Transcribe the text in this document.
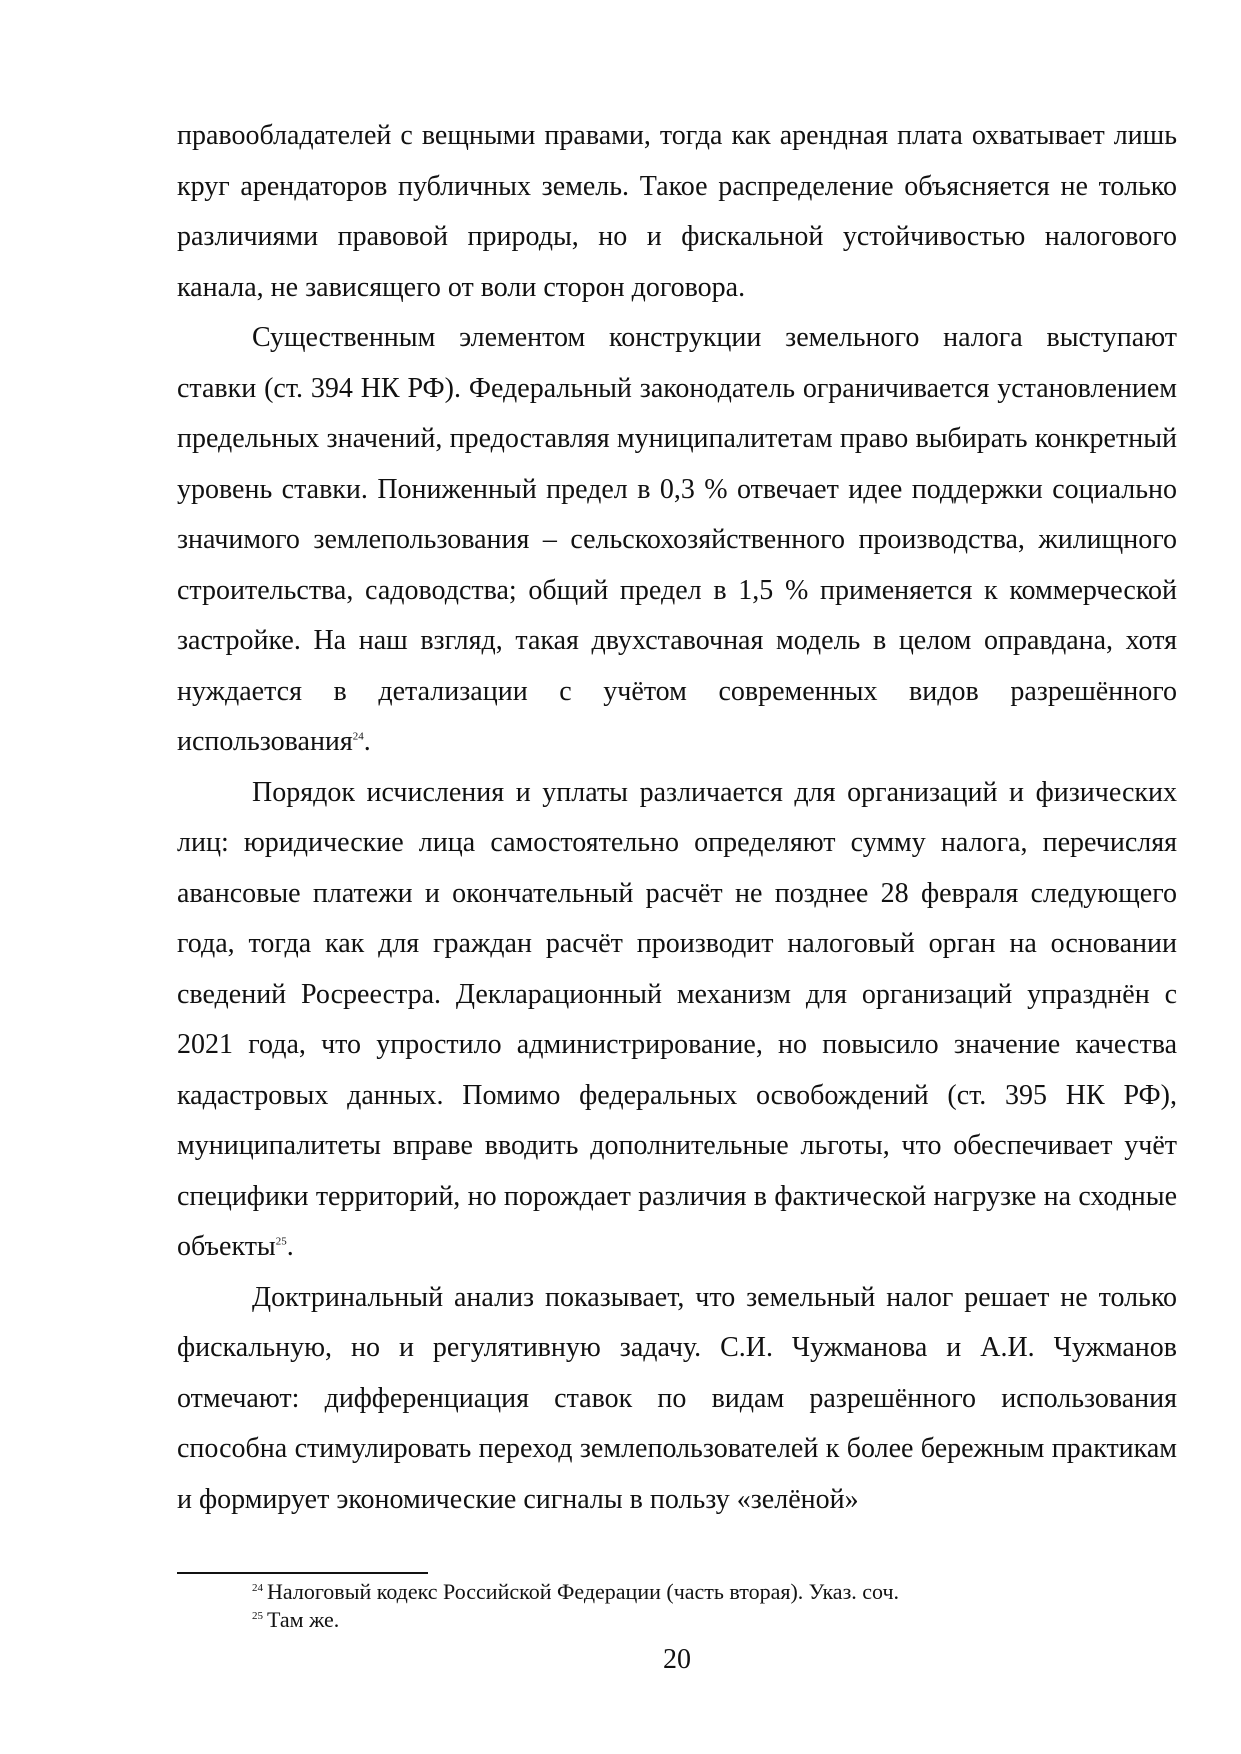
правообладателей с вещными правами, тогда как арендная плата охватывает лишь круг арендаторов публичных земель. Такое распределение объясняется не только различиями правовой природы, но и фискальной устойчивостью налогового канала, не зависящего от воли сторон договора.

Существенным элементом конструкции земельного налога выступают ставки (ст. 394 НК РФ). Федеральный законодатель ограничивается установлением предельных значений, предоставляя муниципалитетам право выбирать конкретный уровень ставки. Пониженный предел в 0,3 % отвечает идее поддержки социально значимого землепользования – сельскохозяйственного производства, жилищного строительства, садоводства; общий предел в 1,5 % применяется к коммерческой застройке. На наш взгляд, такая двухставочная модель в целом оправдана, хотя нуждается в детализации с учётом современных видов разрешённого использования$^{24}$.

Порядок исчисления и уплаты различается для организаций и физических лиц: юридические лица самостоятельно определяют сумму налога, перечисляя авансовые платежи и окончательный расчёт не позднее 28 февраля следующего года, тогда как для граждан расчёт производит налоговый орган на основании сведений Росреестра. Декларационный механизм для организаций упразднён с 2021 года, что упростило администрирование, но повысило значение качества кадастровых данных. Помимо федеральных освобождений (ст. 395 НК РФ), муниципалитеты вправе вводить дополнительные льготы, что обеспечивает учёт специфики территорий, но порождает различия в фактической нагрузке на сходные объекты$^{25}$.

Доктринальный анализ показывает, что земельный налог решает не только фискальную, но и регулятивную задачу. С.И. Чужманова и А.И. Чужманов отмечают: дифференциация ставок по видам разрешённого использования способна стимулировать переход землепользователей к более бережным практикам и формирует экономические сигналы в пользу «зелёной»

$^{24}$ Налоговый кодекс Российской Федерации (часть вторая). Указ. соч.
$^{25}$ Там же.
20
